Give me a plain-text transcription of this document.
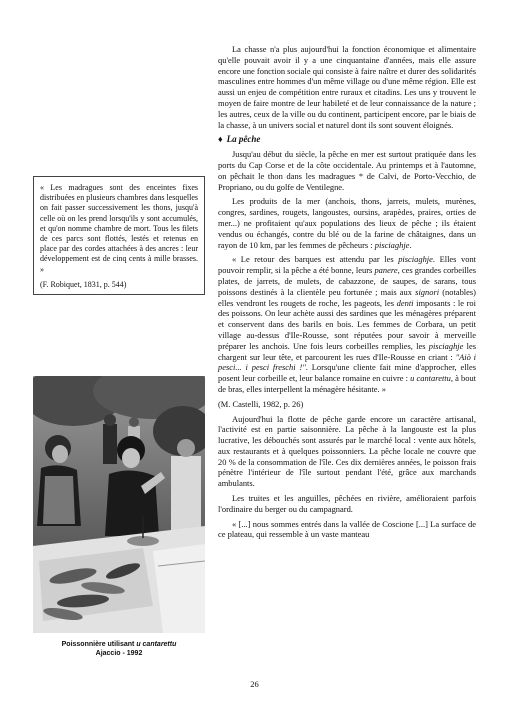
La chasse n'a plus aujourd'hui la fonction économique et alimentaire qu'elle pouvait avoir il y a une cinquantaine d'années, mais elle assure encore une fonction sociale qui consiste à faire naître et durer des solidarités masculines entre hommes d'un même village ou d'une même région. Elle est aussi un enjeu de compétition entre ruraux et citadins. Les uns y trouvent le moyen de faire montre de leur habileté et de leur connaissance de la nature ; les autres, ceux de la ville ou du continent, participent encore, par le biais de la chasse, à un univers social et naturel dont ils sont souvent éloignés.

♦ La pêche

Jusqu'au début du siècle, la pêche en mer est surtout pratiquée dans les ports du Cap Corse et de la côte occidentale. Au printemps et à l'automne, on pêchait le thon dans les madragues * de Calvi, de Porto-Vecchio, de Propriano, ou du golfe de Ventilegne.

Les produits de la mer (anchois, thons, jarrets, mulets, murènes, congres, sardines, rougets, langoustes, oursins, arapèdes, praires, orties de mer...) ne profitaient qu'aux populations des lieux de pêche ; ils étaient vendus ou échangés, contre du blé ou de la farine de châtaignes, dans un rayon de 10 km, par les femmes de pêcheurs : pisciaghje.

« Le retour des barques est attendu par les pisciaghje. Elles vont pouvoir remplir, si la pêche a été bonne, leurs panere, ces grandes corbeilles plates, de jarrets, de mulets, de cabazzone, de saupes, de sarans, tous poissons destinés à la clientèle peu fortunée ; mais aux signori (notables) elles vendront les rougets de roche, les pageots, les denti imposants : le roi des poissons. On leur achète aussi des sardines que les ménagères préparent et conservent dans des barils en bois. Les femmes de Corbara, un petit village au-dessus d'Ile-Rousse, sont réputées pour savoir à merveille préparer les anchois. Une fois leurs corbeilles remplies, les pisciaghje les chargent sur leur tête, et parcourent les rues d'Ile-Rousse en criant : "Aiò i pesci... i pesci freschi !". Lorsqu'une cliente fait mine d'approcher, elles posent leur corbeille et, leur balance romaine en cuivre : u cantarettu, à bout de bras, elles interpellent la ménagère hésitante. »

(M. Castelli, 1982, p. 26)

Aujourd'hui la flotte de pêche garde encore un caractère artisanal, l'activité est en partie saisonnière. La pêche à la langouste est la plus lucrative, les débouchés sont assurés par le marché local : vente aux hôtels, aux restaurants et à quelques poissonniers. La pêche locale ne couvre que 20 % de la consommation de l'île. Ces dix dernières années, le poisson frais pénètre l'intérieur de l'île surtout pendant l'été, grâce aux marchands ambulants.

Les truites et les anguilles, pêchées en rivière, amélioraient parfois l'ordinaire du berger ou du campagnard.

« [...] nous sommes entrés dans la vallée de Coscione [...] La surface de ce plateau, qui ressemble à un vaste manteau

« Les madragues sont des enceintes fixes distribuées en plusieurs chambres dans lesquelles on fait passer successivement les thons, jusqu'à celle où on les prend lorsqu'ils y sont accumulés, et qu'on nomme chambre de mort. Tous les filets de ces parcs sont flottés, lestés et retenus en place par des cordes attachées à des ancres : leur développement est de cinq cents à mille brasses. »
(F. Robiquet, 1831, p. 544)
Poissonnière utilisant u cantarettu
Ajaccio - 1992
26
